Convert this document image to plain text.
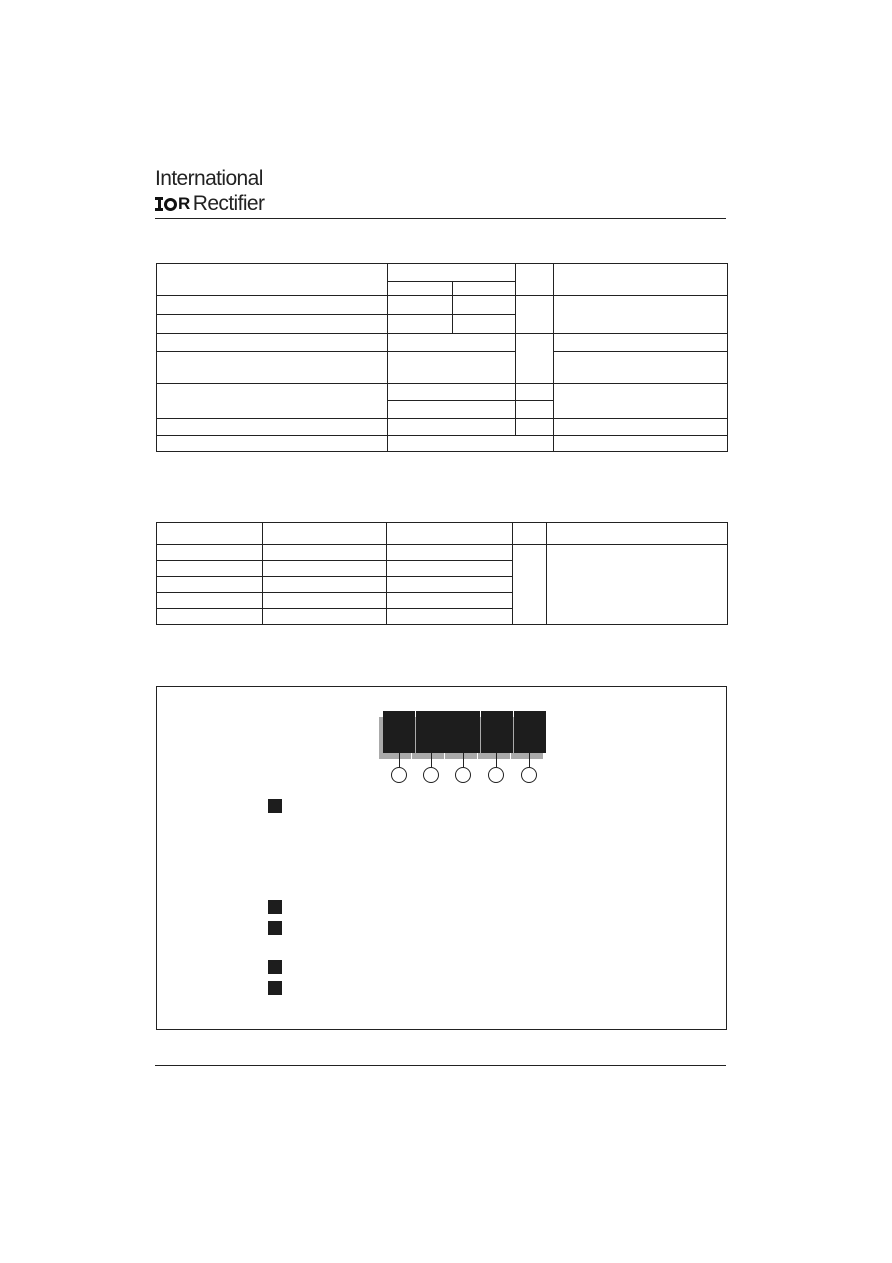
International
R Rectifier
